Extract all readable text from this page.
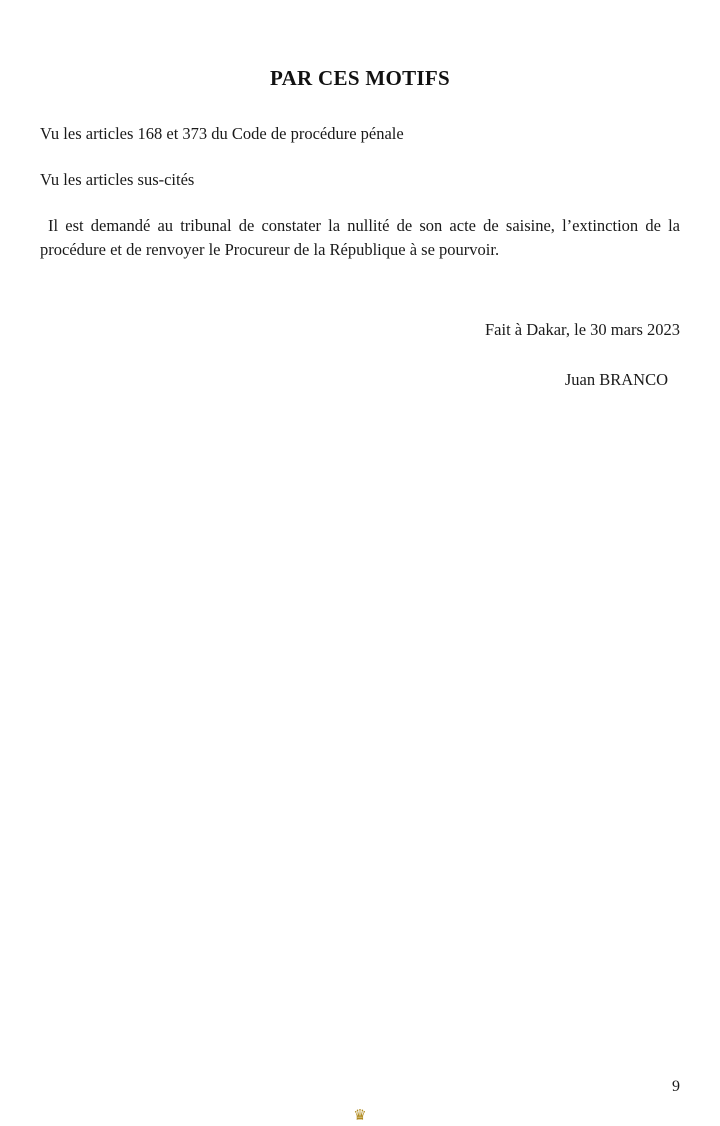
PAR CES MOTIFS

Vu les articles 168 et 373 du Code de procédure pénale

Vu les articles sus-cités

Il est demandé au tribunal de constater la nullité de son acte de saisine, l’extinction de la procédure et de renvoyer le Procureur de la République à se pourvoir.

Fait à Dakar, le 30 mars 2023
Juan BRANCO
9
♛
